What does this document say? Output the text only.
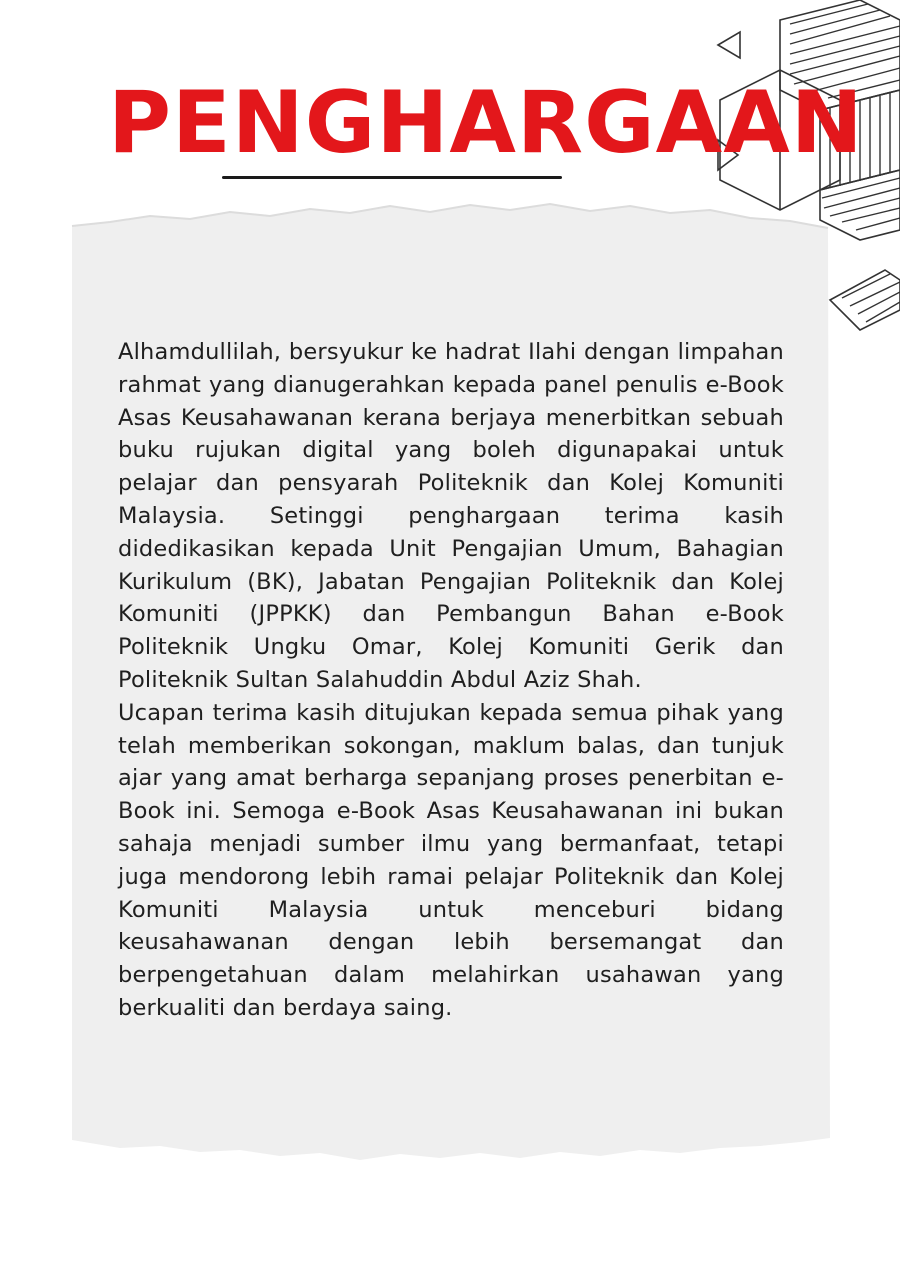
PENGHARGAAN
Alhamdullilah, bersyukur ke hadrat Ilahi dengan limpahan rahmat yang dianugerahkan kepada panel penulis e-Book Asas Keusahawanan kerana berjaya menerbitkan sebuah buku rujukan digital yang boleh digunapakai untuk pelajar dan pensyarah Politeknik dan Kolej Komuniti Malaysia. Setinggi penghargaan terima kasih didedikasikan kepada Unit Pengajian Umum, Bahagian Kurikulum (BK), Jabatan Pengajian Politeknik dan Kolej Komuniti (JPPKK) dan Pembangun Bahan e-Book Politeknik Ungku Omar, Kolej Komuniti Gerik dan Politeknik Sultan Salahuddin Abdul Aziz Shah.
Ucapan terima kasih ditujukan kepada semua pihak yang telah memberikan sokongan, maklum balas, dan tunjuk ajar yang amat berharga sepanjang proses penerbitan e-Book ini. Semoga e-Book Asas Keusahawanan ini bukan sahaja menjadi sumber ilmu yang bermanfaat, tetapi juga mendorong lebih ramai pelajar Politeknik dan Kolej Komuniti Malaysia untuk menceburi bidang keusahawanan dengan lebih bersemangat dan berpengetahuan dalam melahirkan usahawan yang berkualiti dan berdaya saing.
